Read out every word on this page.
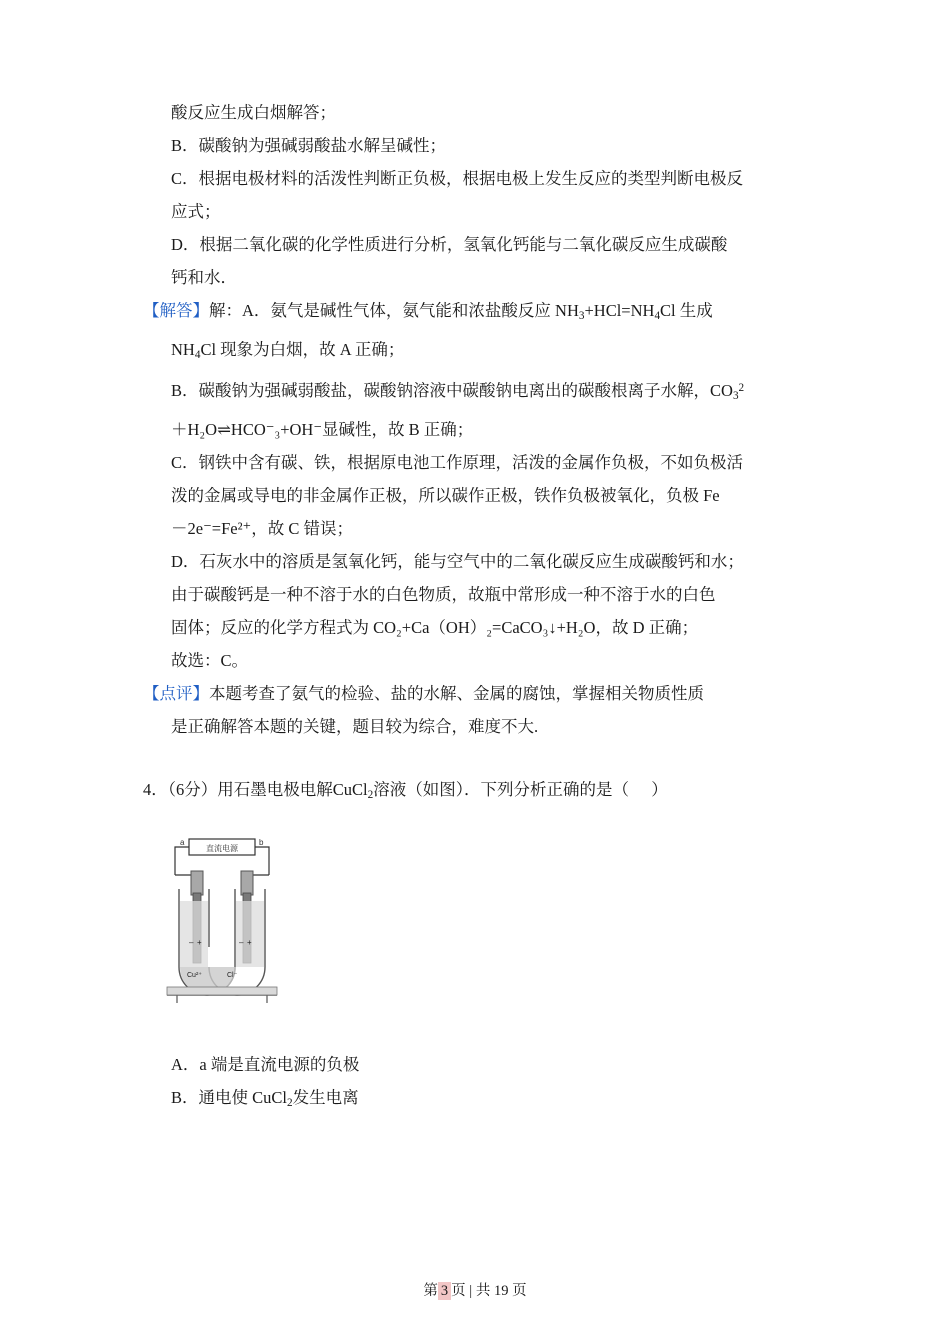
酸反应生成白烟解答；
B．碳酸钠为强碱弱酸盐水解呈碱性；
C．根据电极材料的活泼性判断正负极，根据电极上发生反应的类型判断电极反
应式；
D．根据二氧化碳的化学性质进行分析，氢氧化钙能与二氧化碳反应生成碳酸
钙和水．
【解答】解：A．氨气是碱性气体，氨气能和浓盐酸反应 $NH_3+HCl=NH_4Cl$ 生成
$NH_4Cl$ 现象为白烟，故 A 正确；
B．碳酸钠为强碱弱酸盐，碳酸钠溶液中碳酸钠电离出的碳酸根离子水解，$CO_3^2$
＋H₂O⇌HCO⁻₃+OH⁻显碱性，故 B 正确；
C．钢铁中含有碳、铁，根据原电池工作原理，活泼的金属作负极，不如负极活
泼的金属或导电的非金属作正极，所以碳作正极，铁作负极被氧化，负极 Fe
－2e⁻=Fe²⁺，故 C 错误；
D．石灰水中的溶质是氢氧化钙，能与空气中的二氧化碳反应生成碳酸钙和水；
由于碳酸钙是一种不溶于水的白色物质，故瓶中常形成一种不溶于水的白色
固体；反应的化学方程式为 CO₂+Ca（OH）₂=CaCO₃↓+H₂O，故 D 正确；
故选：C。
【点评】本题考查了氨气的检验、盐的水解、金属的腐蚀，掌握相关物质性质
是正确解答本题的关键，题目较为综合，难度不大.
4．（6分）用石墨电极电解CuCl$_2$溶液（如图）．下列分析正确的是（ ）
直流电源
a	b
– +	– +
Cu²⁺	Cl⁻
A．a 端是直流电源的负极
B．通电使 CuCl$_2$发生电离
第 3 页 | 共 19 页
